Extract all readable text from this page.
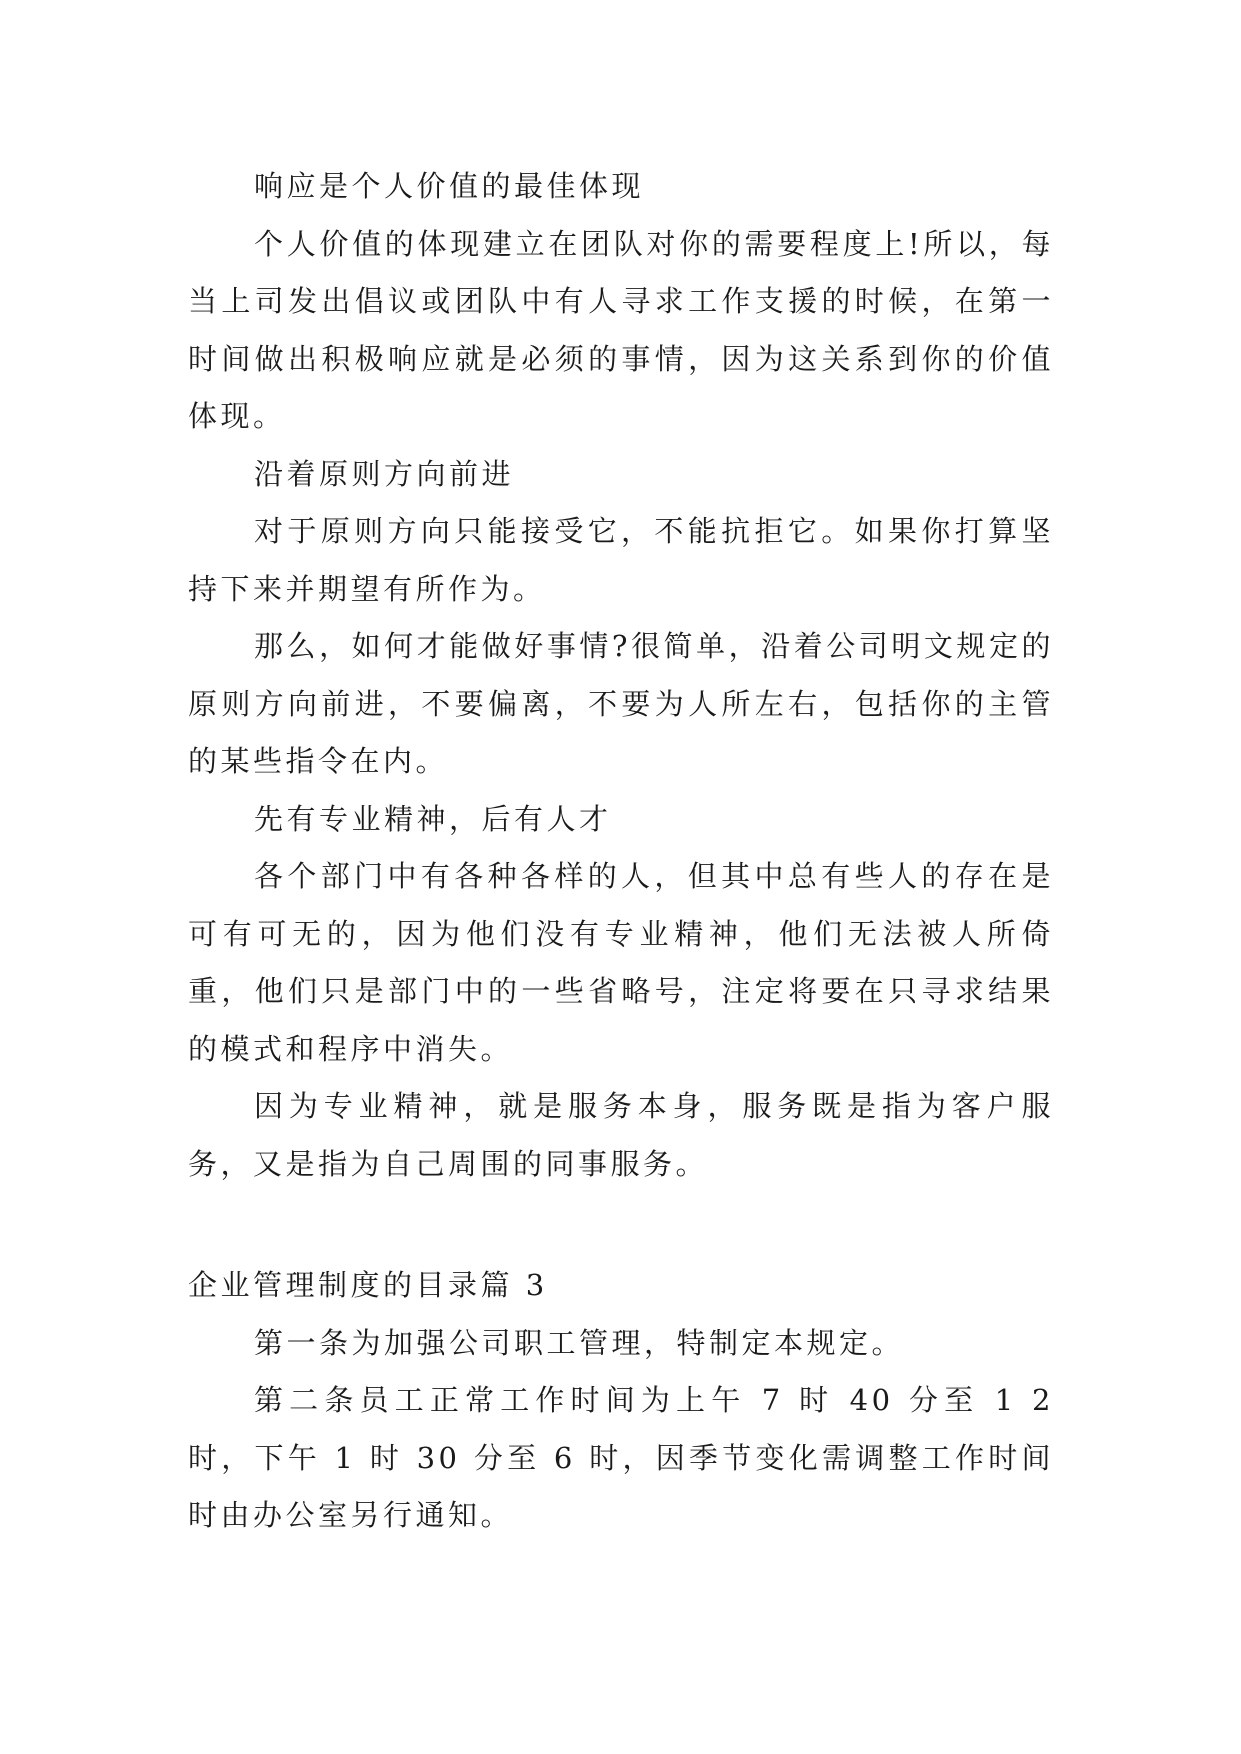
响应是个人价值的最佳体现

个人价值的体现建立在团队对你的需要程度上!所以，每当上司发出倡议或团队中有人寻求工作支援的时候，在第一时间做出积极响应就是必须的事情，因为这关系到你的价值体现。

沿着原则方向前进

对于原则方向只能接受它，不能抗拒它。如果你打算坚持下来并期望有所作为。

那么，如何才能做好事情?很简单，沿着公司明文规定的原则方向前进，不要偏离，不要为人所左右，包括你的主管的某些指令在内。

先有专业精神，后有人才

各个部门中有各种各样的人，但其中总有些人的存在是可有可无的，因为他们没有专业精神，他们无法被人所倚重，他们只是部门中的一些省略号，注定将要在只寻求结果的模式和程序中消失。

因为专业精神，就是服务本身，服务既是指为客户服务，又是指为自己周围的同事服务。

企业管理制度的目录篇 3

第一条为加强公司职工管理，特制定本规定。

第二条员工正常工作时间为上午 7 时 40 分至 1 2 时，下午 1 时 30 分至 6 时，因季节变化需调整工作时间时由办公室另行通知。
